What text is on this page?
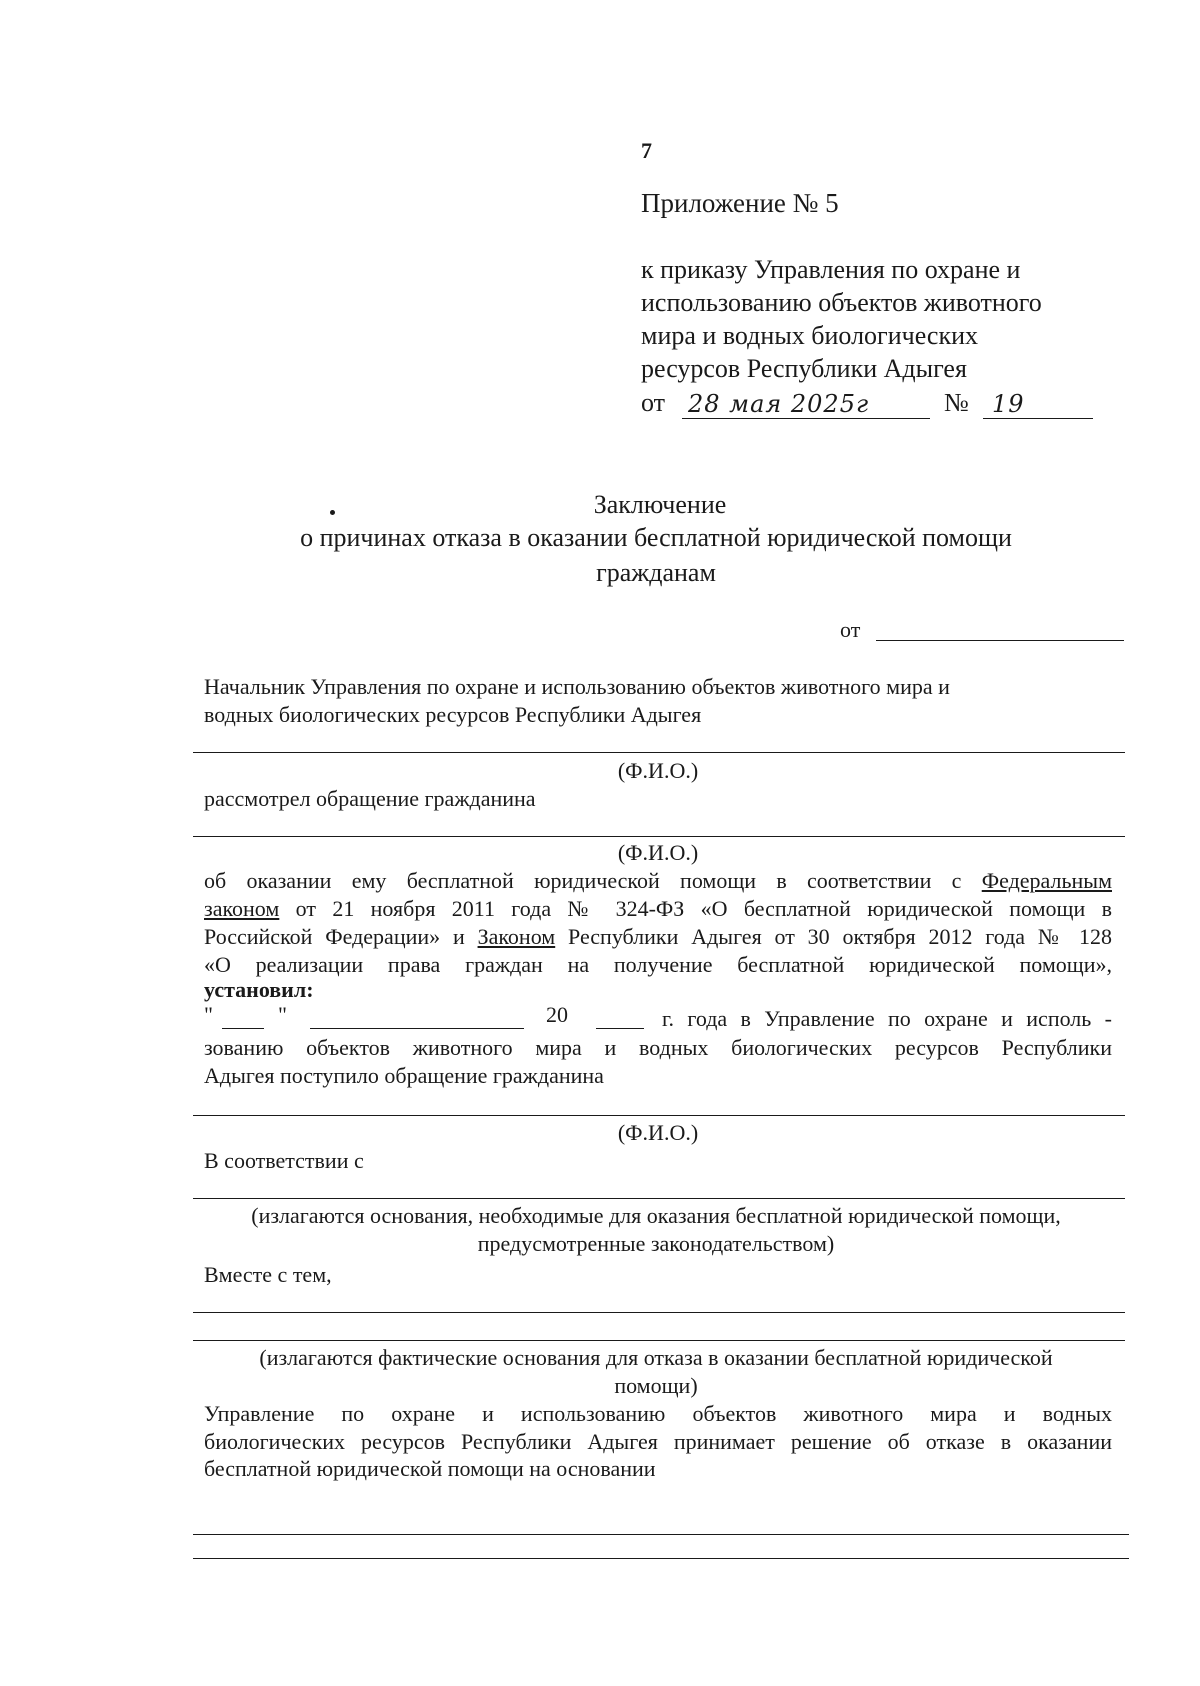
7
Приложение № 5
к приказу Управления по охране и
использованию объектов животного
мира и водных биологических
ресурсов Республики Адыгея
от 28 мая 2025г	№ 19
Заключение
о причинах отказа в оказании бесплатной юридической помощи
гражданам
от
Начальник Управления по охране и использованию объектов животного мира и
водных биологических ресурсов Республики Адыгея
(Ф.И.О.)
рассмотрел обращение гражданина
(Ф.И.О.)
об оказании ему бесплатной юридической помощи в соответствии с Федеральным
законом от 21 ноября 2011 года № 324-ФЗ «О бесплатной юридической помощи в
Российской Федерации» и Законом Республики Адыгея от 30 октября 2012 года № 128
«О реализации права граждан на получение бесплатной юридической помощи»,
установил:
"	"	20	г. года в Управление по охране и исполь -
зованию объектов животного мира и водных биологических ресурсов Республики
Адыгея поступило обращение гражданина
(Ф.И.О.)
В соответствии с
(излагаются основания, необходимые для оказания бесплатной юридической помощи,
предусмотренные законодательством)
Вместе с тем,
(излагаются фактические основания для отказа в оказании бесплатной юридической
помощи)
Управление по охране и использованию объектов животного мира и водных
биологических ресурсов Республики Адыгея принимает решение об отказе в оказании
бесплатной юридической помощи на основании
